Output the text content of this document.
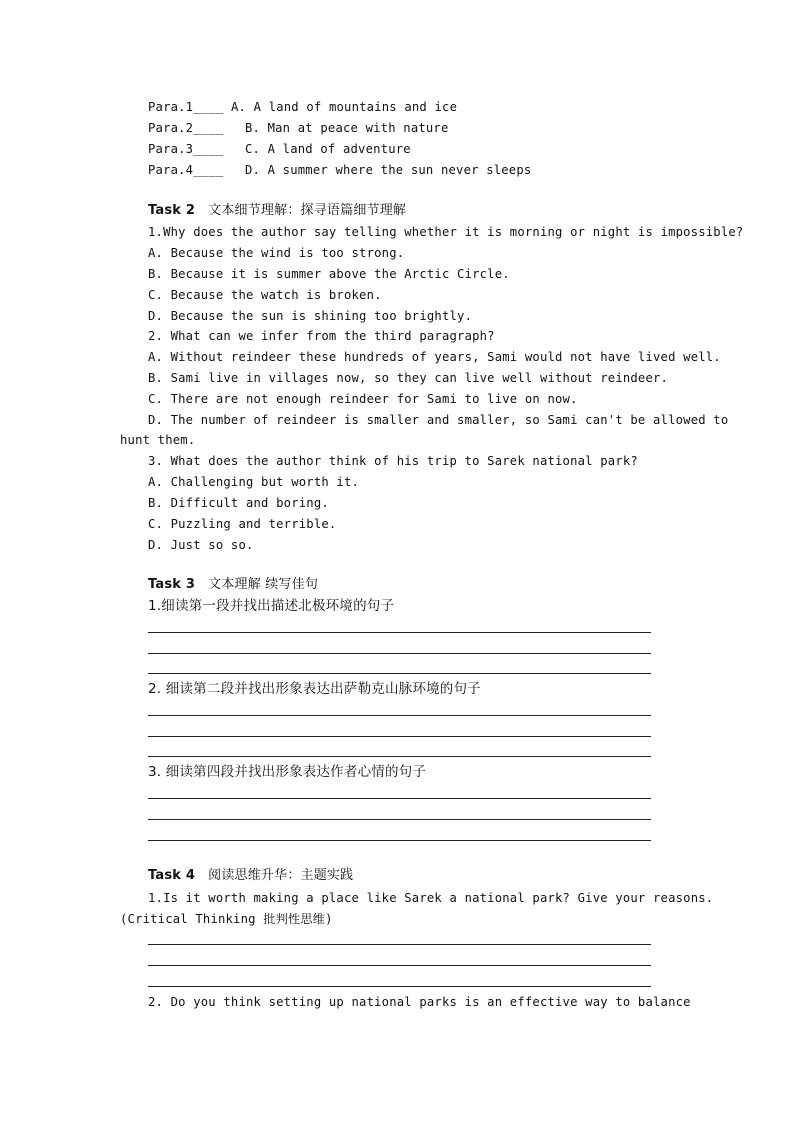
Para.1____ A. A land of mountains and ice
Para.2____ B. Man at peace with nature
Para.3____ C. A land of adventure
Para.4____ D. A summer where the sun never sleeps
Task 2 文本细节理解：探寻语篇细节理解
1.Why does the author say telling whether it is morning or night is impossible?
A. Because the wind is too strong.
B. Because it is summer above the Arctic Circle.
C. Because the watch is broken.
D. Because the sun is shining too brightly.
2. What can we infer from the third paragraph?
A. Without reindeer these hundreds of years, Sami would not have lived well.
B. Sami live in villages now, so they can live well without reindeer.
C. There are not enough reindeer for Sami to live on now.
D. The number of reindeer is smaller and smaller, so Sami can't be allowed to
hunt them.
3. What does the author think of his trip to Sarek national park?
A. Challenging but worth it.
B. Difficult and boring.
C. Puzzling and terrible.
D. Just so so.
Task 3 文本理解 续写佳句
1.细读第一段并找出描述北极环境的句子
2. 细读第二段并找出形象表达出萨勒克山脉环境的句子
3. 细读第四段并找出形象表达作者心情的句子
Task 4 阅读思维升华：主题实践
1.Is it worth making a place like Sarek a national park? Give your reasons.
(Critical Thinking 批判性思维)
2. Do you think setting up national parks is an effective way to balance
